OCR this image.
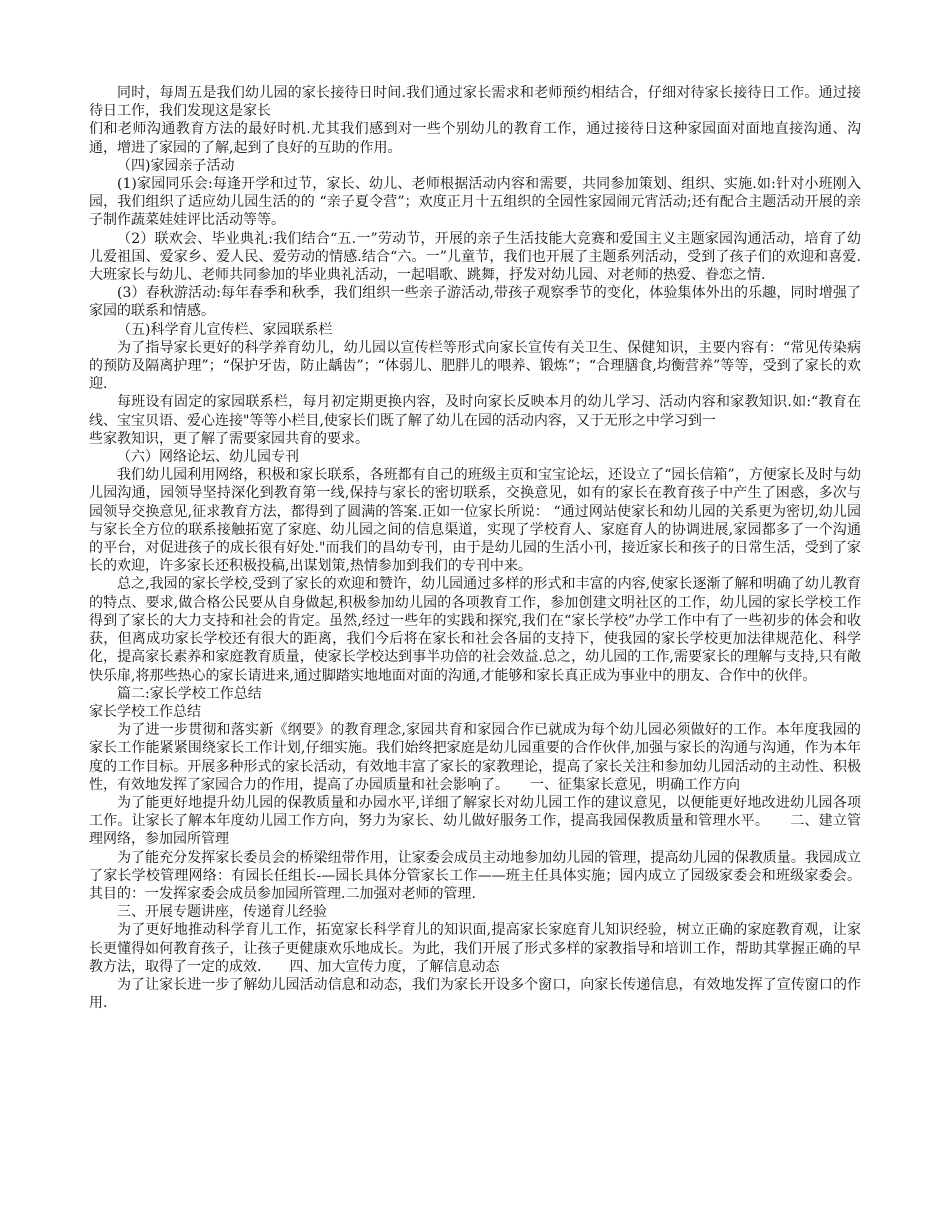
同时，每周五是我们幼儿园的家长接待日时间.我们通过家长需求和老师预约相结合，仔细对待家长接待日工作。通过接待日工作，我们发现这是家长

们和老师沟通教育方法的最好时机.尤其我们感到对一些个别幼儿的教育工作，通过接待日这种家园面对面地直接沟通、沟通，增进了家园的了解,起到了良好的互助的作用。

（四)家园亲子活动

(1)家园同乐会:每逢开学和过节，家长、幼儿、老师根据活动内容和需要，共同参加策划、组织、实施.如:针对小班刚入园，我们组织了适应幼儿园生活的的 “亲子夏令营”；欢度正月十五组织的全园性家园闹元宵活动;还有配合主题活动开展的亲子制作蔬菜娃娃评比活动等等。

（2）联欢会、毕业典礼:我们结合“五.一”劳动节，开展的亲子生活技能大竞赛和爱国主义主题家园沟通活动，培育了幼儿爱祖国、爱家乡、爱人民、爱劳动的情感.结合“六。一”儿童节，我们也开展了主题系列活动，受到了孩子们的欢迎和喜爱.大班家长与幼儿、老师共同参加的毕业典礼活动，一起唱歌、跳舞，抒发对幼儿园、对老师的热爱、眷恋之情.

(3）春秋游活动:每年春季和秋季，我们组织一些亲子游活动,带孩子观察季节的变化，体验集体外出的乐趣，同时增强了家园的联系和情感。

（五)科学育儿宣传栏、家园联系栏

为了指导家长更好的科学养育幼儿，幼儿园以宣传栏等形式向家长宣传有关卫生、保健知识，主要内容有：“常见传染病的预防及隔离护理”；“保护牙齿，防止龋齿”；“体弱儿、肥胖儿的喂养、锻炼”；“合理膳食,均衡营养”等等，受到了家长的欢迎.

每班设有固定的家园联系栏，每月初定期更换内容，及时向家长反映本月的幼儿学习、活动内容和家教知识.如:“教育在线、宝宝贝语、爱心连接"等等小栏目,使家长们既了解了幼儿在园的活动内容，又于无形之中学习到一

些家教知识，更了解了需要家园共育的要求。

（六）网络论坛、幼儿园专刊

我们幼儿园利用网络，积极和家长联系，各班都有自己的班级主页和宝宝论坛，还设立了“园长信箱”，方便家长及时与幼儿园沟通，园领导坚持深化到教育第一线,保持与家长的密切联系，交换意见，如有的家长在教育孩子中产生了困惑，多次与园领导交换意见,征求教育方法，都得到了圆满的答案.正如一位家长所说： “通过网站使家长和幼儿园的关系更为密切,幼儿园与家长全方位的联系接触拓宽了家庭、幼儿园之间的信息渠道，实现了学校育人、家庭育人的协调进展,家园都多了一个沟通的平台，对促进孩子的成长很有好处."而我们的昌幼专刊，由于是幼儿园的生活小刊，接近家长和孩子的日常生活，受到了家长的欢迎，许多家长还积极投稿,出谋划策,热情参加到我们的专刊中来。

总之,我园的家长学校,受到了家长的欢迎和赞许，幼儿园通过多样的形式和丰富的内容,使家长逐渐了解和明确了幼儿教育的特点、要求,做合格公民要从自身做起,积极参加幼儿园的各项教育工作，参加创建文明社区的工作，幼儿园的家长学校工作得到了家长的大力支持和社会的肯定。虽然,经过一些年的实践和探究,我们在“家长学校”办学工作中有了一些初步的体会和收获，但离成功家长学校还有很大的距离，我们今后将在家长和社会各届的支持下，使我园的家长学校更加法律规范化、科学化，提高家长素养和家庭教育质量，使家长学校达到事半功倍的社会效益.总之，幼儿园的工作,需要家长的理解与支持,只有敞快乐扉,将那些热心的家长请进来,通过脚踏实地地面对面的沟通,才能够和家长真正成为事业中的朋友、合作中的伙伴。

篇二:家长学校工作总结

家长学校工作总结

为了进一步贯彻和落实新《纲要》的教育理念,家园共育和家园合作已就成为每个幼儿园必须做好的工作。本年度我园的家长工作能紧紧围绕家长工作计划,仔细实施。我们始终把家庭是幼儿园重要的合作伙伴,加强与家长的沟通与沟通，作为本年度的工作目标。开展多种形式的家长活动，有效地丰富了家长的家教理论，提高了家长关注和参加幼儿园活动的主动性、积极性，有效地发挥了家园合力的作用，提高了办园质量和社会影响了。　　一、征集家长意见，明确工作方向

为了能更好地提升幼儿园的保教质量和办园水平,详细了解家长对幼儿园工作的建议意见，以便能更好地改进幼儿园各项工作。让家长了解本年度幼儿园工作方向，努力为家长、幼儿做好服务工作，提高我园保教质量和管理水平。　　二、建立管理网络，参加园所管理

为了能充分发挥家长委员会的桥梁纽带作用，让家委会成员主动地参加幼儿园的管理，提高幼儿园的保教质量。我园成立了家长学校管理网络：有园长任组长-—园长具体分管家长工作——班主任具体实施；园内成立了园级家委会和班级家委会。其目的：一发挥家委会成员参加园所管理.二加强对老师的管理.

三、开展专题讲座，传递育儿经验

为了更好地推动科学育儿工作，拓宽家长科学育儿的知识面,提高家长家庭育儿知识经验，树立正确的家庭教育观，让家长更懂得如何教育孩子，让孩子更健康欢乐地成长。为此，我们开展了形式多样的家教指导和培训工作，帮助其掌握正确的早教方法，取得了一定的成效.　　四、加大宣传力度，了解信息动态

为了让家长进一步了解幼儿园活动信息和动态，我们为家长开设多个窗口，向家长传递信息，有效地发挥了宣传窗口的作用.
